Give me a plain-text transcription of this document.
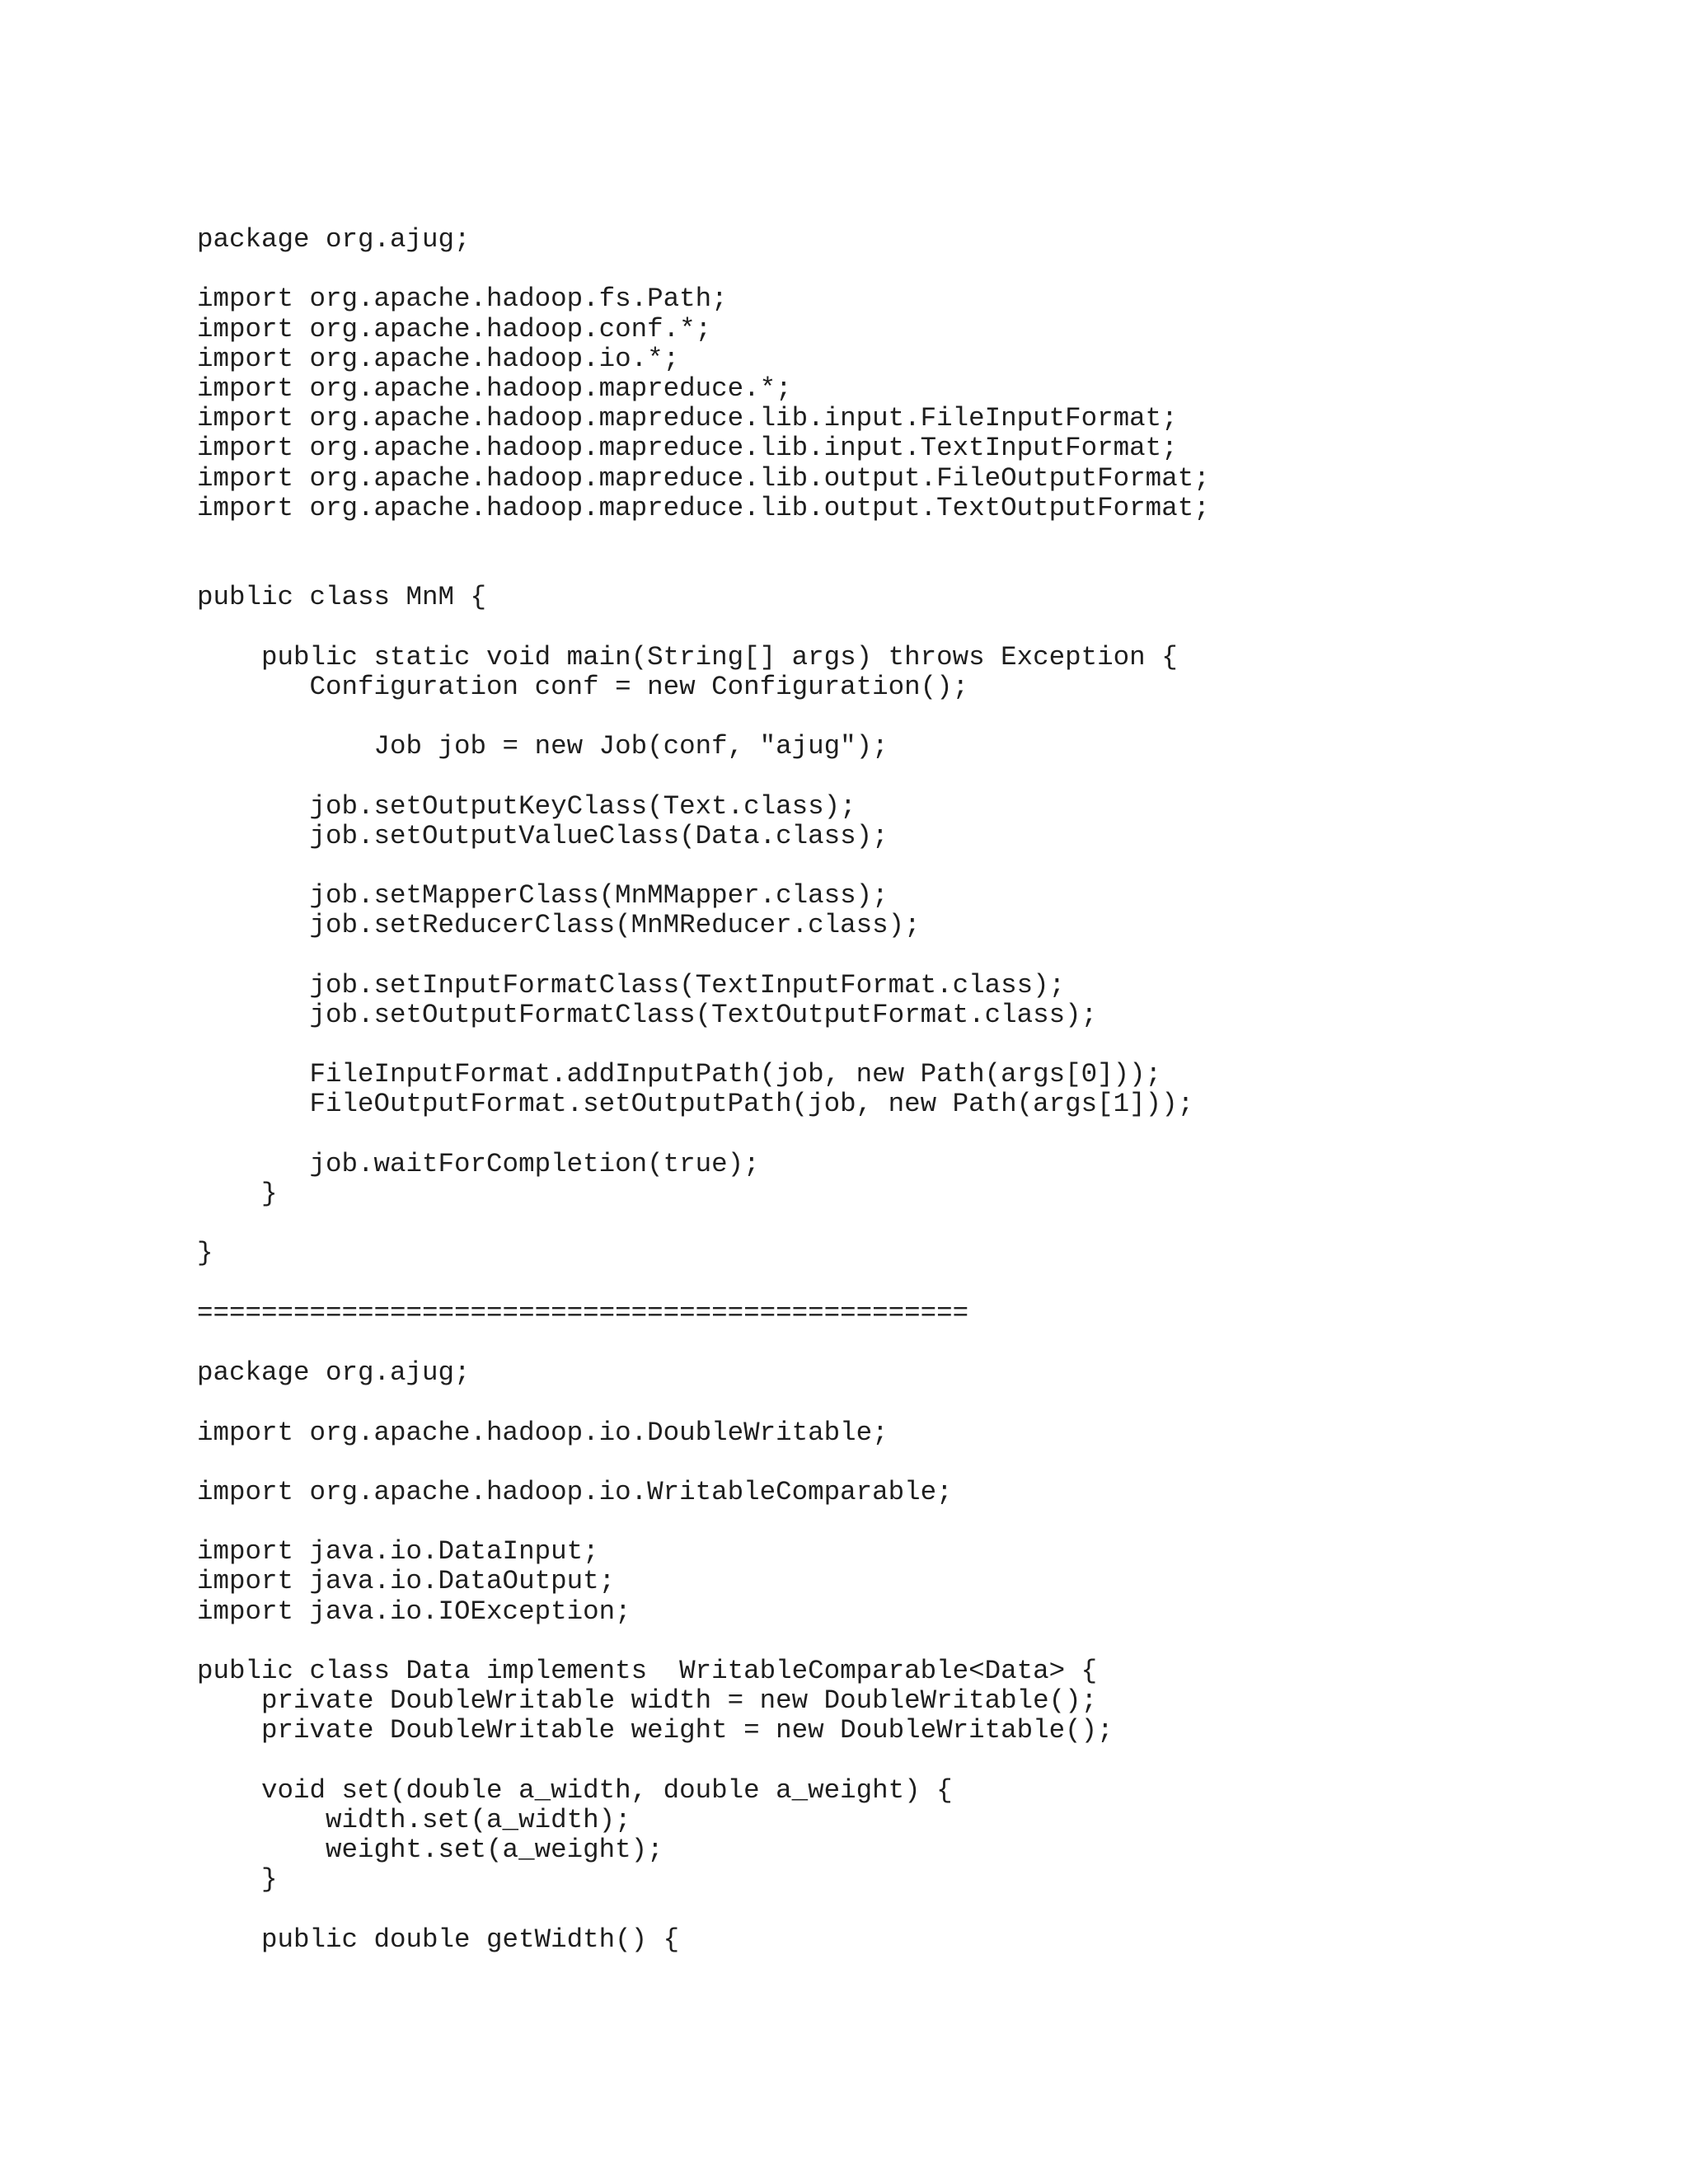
package org.ajug;
import org.apache.hadoop.fs.Path;
import org.apache.hadoop.conf.*;
import org.apache.hadoop.io.*;
import org.apache.hadoop.mapreduce.*;
import org.apache.hadoop.mapreduce.lib.input.FileInputFormat;
import org.apache.hadoop.mapreduce.lib.input.TextInputFormat;
import org.apache.hadoop.mapreduce.lib.output.FileOutputFormat;
import org.apache.hadoop.mapreduce.lib.output.TextOutputFormat;
public class MnM {
public static void main(String[] args) throws Exception {
Configuration conf = new Configuration();
Job job = new Job(conf, "ajug");
job.setOutputKeyClass(Text.class);
job.setOutputValueClass(Data.class);
job.setMapperClass(MnMMapper.class);
job.setReducerClass(MnMReducer.class);
job.setInputFormatClass(TextInputFormat.class);
job.setOutputFormatClass(TextOutputFormat.class);
FileInputFormat.addInputPath(job, new Path(args[0]));
FileOutputFormat.setOutputPath(job, new Path(args[1]));
job.waitForCompletion(true);
}
}
================================================
package org.ajug;
import org.apache.hadoop.io.DoubleWritable;
import org.apache.hadoop.io.WritableComparable;
import java.io.DataInput;
import java.io.DataOutput;
import java.io.IOException;
public class Data implements  WritableComparable<Data> {
private DoubleWritable width = new DoubleWritable();
private DoubleWritable weight = new DoubleWritable();
void set(double a_width, double a_weight) {
width.set(a_width);
weight.set(a_weight);
}
public double getWidth() {
